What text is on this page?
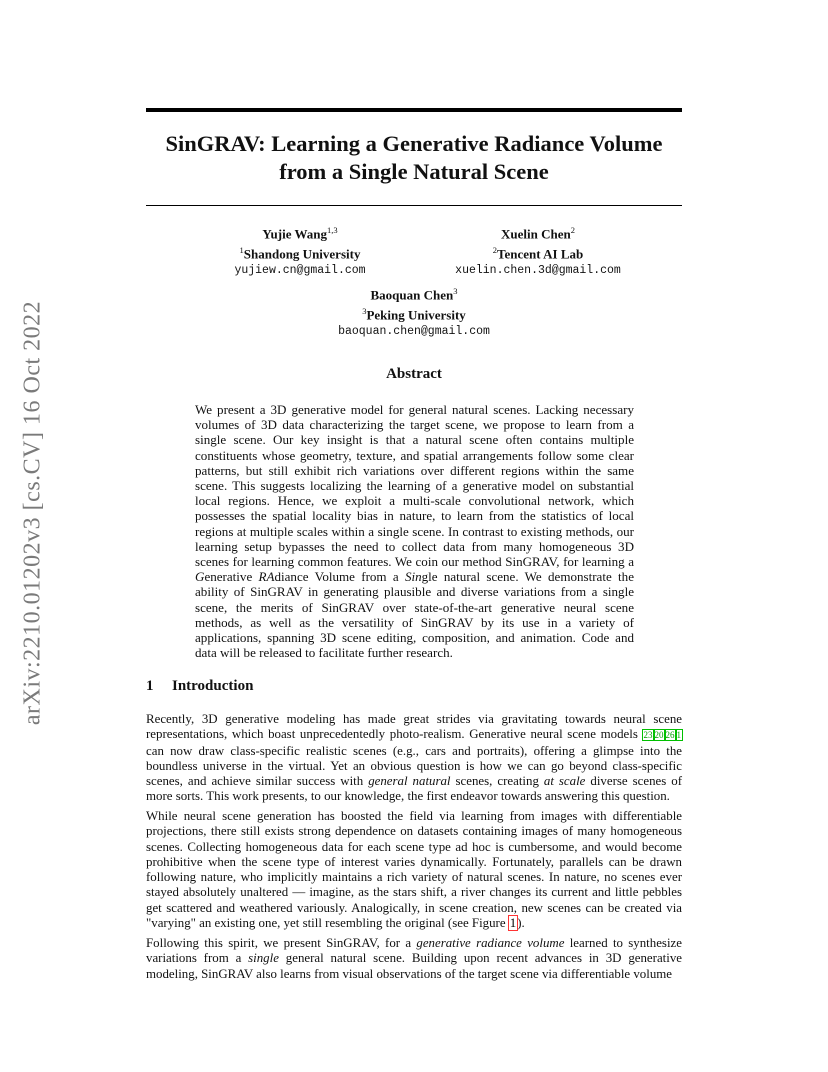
arXiv:2210.01202v3 [cs.CV] 16 Oct 2022
SinGRAV: Learning a Generative Radiance Volume
from a Single Natural Scene
Yujie Wang$^{1,3}$
$^1$Shandong University
yujiew.cn@gmail.com
Xuelin Chen$^2$
$^2$Tencent AI Lab
xuelin.chen.3d@gmail.com
Baoquan Chen$^3$
$^3$Peking University
baoquan.chen@gmail.com
Abstract

We present a 3D generative model for general natural scenes. Lacking necessary volumes of 3D data characterizing the target scene, we propose to learn from a single scene. Our key insight is that a natural scene often contains multiple constituents whose geometry, texture, and spatial arrangements follow some clear patterns, but still exhibit rich variations over different regions within the same scene. This suggests localizing the learning of a generative model on substantial local regions. Hence, we exploit a multi-scale convolutional network, which possesses the spatial locality bias in nature, to learn from the statistics of local regions at multiple scales within a single scene. In contrast to existing methods, our learning setup bypasses the need to collect data from many homogeneous 3D scenes for learning common features. We coin our method SinGRAV, for learning a Generative RAdiance Volume from a Single natural scene. We demonstrate the ability of SinGRAV in generating plausible and diverse variations from a single scene, the merits of SinGRAV over state-of-the-art generative neural scene methods, as well as the versatility of SinGRAV by its use in a variety of applications, spanning 3D scene editing, composition, and animation. Code and data will be released to facilitate further research.

1 Introduction

Recently, 3D generative modeling has made great strides via gravitating towards neural scene representations, which boast unprecedentedly photo-realism. Generative neural scene models 23 20 26 1 can now draw class-specific realistic scenes (e.g., cars and portraits), offering a glimpse into the boundless universe in the virtual. Yet an obvious question is how we can go beyond class-specific scenes, and achieve similar success with general natural scenes, creating at scale diverse scenes of more sorts. This work presents, to our knowledge, the first endeavor towards answering this question.

While neural scene generation has boosted the field via learning from images with differentiable projections, there still exists strong dependence on datasets containing images of many homogeneous scenes. Collecting homogeneous data for each scene type ad hoc is cumbersome, and would become prohibitive when the scene type of interest varies dynamically. Fortunately, parallels can be drawn following nature, who implicitly maintains a rich variety of natural scenes. In nature, no scenes ever stayed absolutely unaltered — imagine, as the stars shift, a river changes its current and little pebbles get scattered and weathered variously. Analogically, in scene creation, new scenes can be created via "varying" an existing one, yet still resembling the original (see Figure 1).

Following this spirit, we present SinGRAV, for a generative radiance volume learned to synthesize variations from a single general natural scene. Building upon recent advances in 3D generative modeling, SinGRAV also learns from visual observations of the target scene via differentiable volume
